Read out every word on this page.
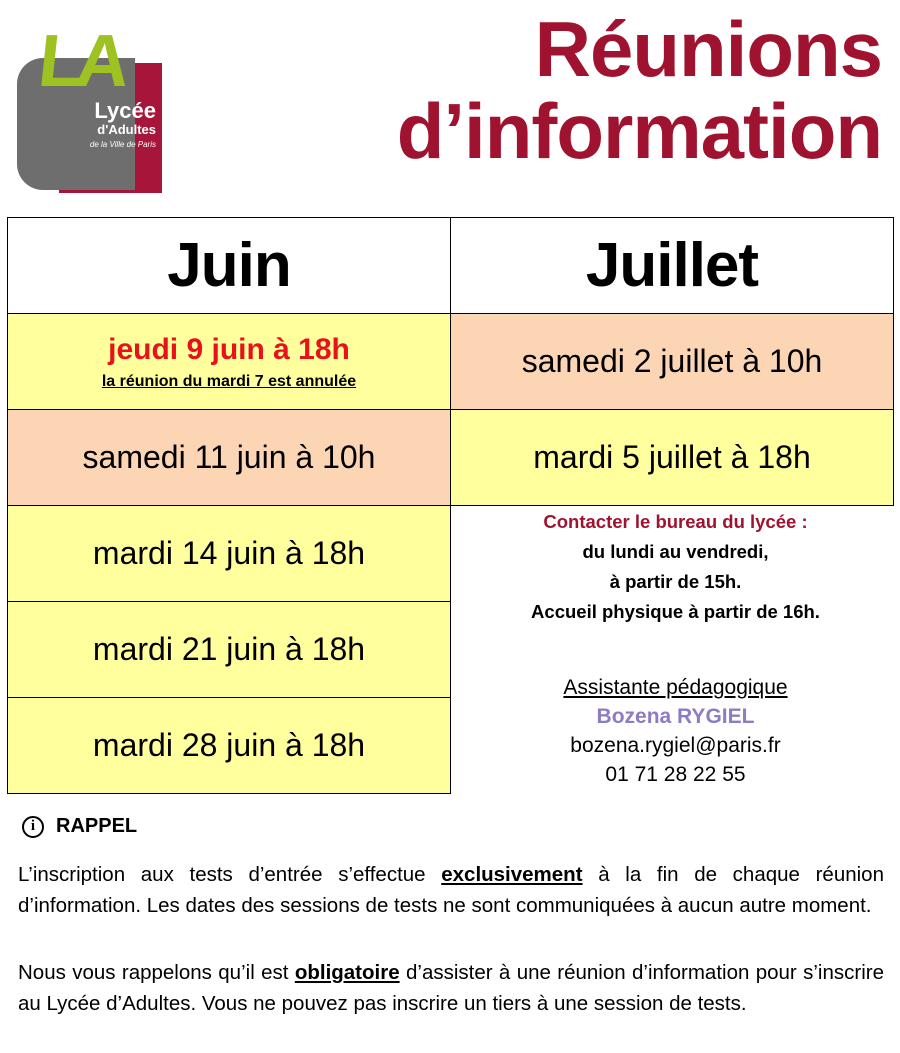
LA
Lycée
d'Adultes
de la Ville de Paris
Réunions
d’information
Juin	Juillet
jeudi 9 juin à 18h
la réunion du mardi 7 est annulée
samedi 11 juin à 10h
mardi 14 juin à 18h
mardi 21 juin à 18h
mardi 28 juin à 18h
samedi 2 juillet à 10h
mardi 5 juillet à 18h
Contacter le bureau du lycée :
du lundi au vendredi,
à partir de 15h.
Accueil physique à partir de 16h.
Assistante pédagogique
Bozena RYGIEL
bozena.rygiel@paris.fr
01 71 28 22 55
i	RAPPEL
L’inscription aux tests d’entrée s’effectue exclusivement à la fin de chaque réunion d’information. Les dates des sessions de tests ne sont communiquées à aucun autre moment.
Nous vous rappelons qu’il est obligatoire d’assister à une réunion d’information pour s’inscrire au Lycée d’Adultes. Vous ne pouvez pas inscrire un tiers à une session de tests.
